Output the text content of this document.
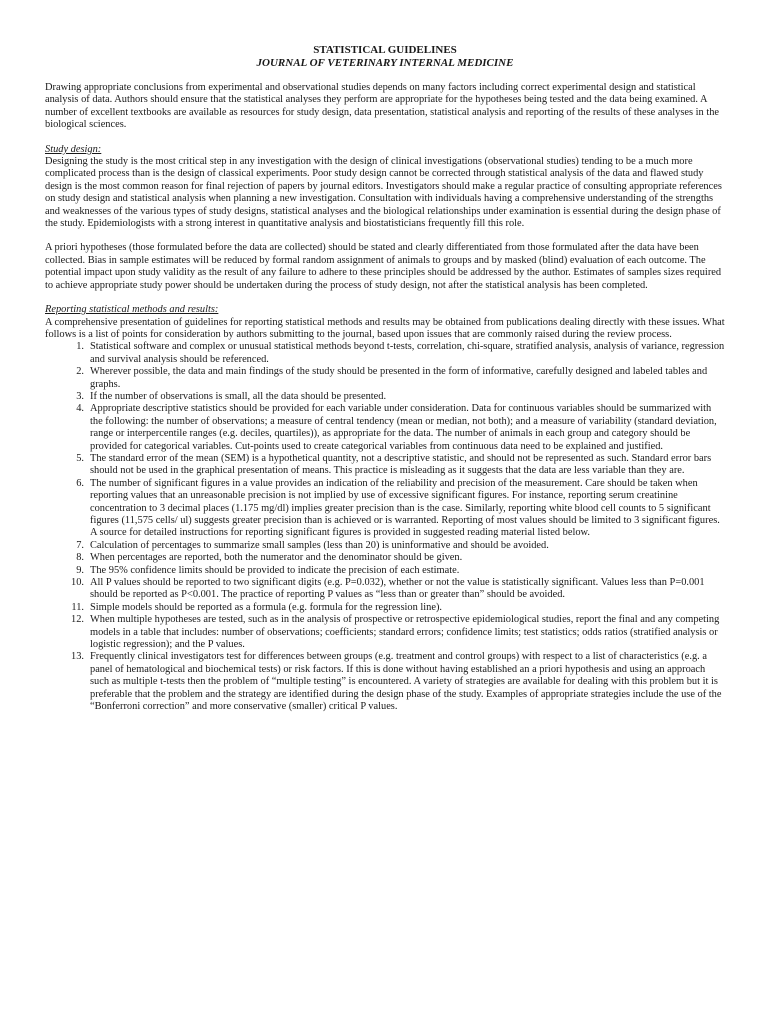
STATISTICAL GUIDELINES
JOURNAL OF VETERINARY INTERNAL MEDICINE

Drawing appropriate conclusions from experimental and observational studies depends on many factors including correct experimental design and statistical analysis of data. Authors should ensure that the statistical analyses they perform are appropriate for the hypotheses being tested and the data being examined. A number of excellent textbooks are available as resources for study design, data presentation, statistical analysis and reporting of the results of these analyses in the biological sciences.

Study design:

Designing the study is the most critical step in any investigation with the design of clinical investigations (observational studies) tending to be a much more complicated process than is the design of classical experiments. Poor study design cannot be corrected through statistical analysis of the data and flawed study design is the most common reason for final rejection of papers by journal editors. Investigators should make a regular practice of consulting appropriate references on study design and statistical analysis when planning a new investigation. Consultation with individuals having a comprehensive understanding of the strengths and weaknesses of the various types of study designs, statistical analyses and the biological relationships under examination is essential during the design phase of the study. Epidemiologists with a strong interest in quantitative analysis and biostatisticians frequently fill this role.

A priori hypotheses (those formulated before the data are collected) should be stated and clearly differentiated from those formulated after the data have been collected. Bias in sample estimates will be reduced by formal random assignment of animals to groups and by masked (blind) evaluation of each outcome. The potential impact upon study validity as the result of any failure to adhere to these principles should be addressed by the author. Estimates of samples sizes required to achieve appropriate study power should be undertaken during the process of study design, not after the statistical analysis has been completed.

Reporting statistical methods and results:

A comprehensive presentation of guidelines for reporting statistical methods and results may be obtained from publications dealing directly with these issues. What follows is a list of points for consideration by authors submitting to the journal, based upon issues that are commonly raised during the review process.

1. Statistical software and complex or unusual statistical methods beyond t-tests, correlation, chi-square, stratified analysis, analysis of variance, regression and survival analysis should be referenced.
2. Wherever possible, the data and main findings of the study should be presented in the form of informative, carefully designed and labeled tables and graphs.
3. If the number of observations is small, all the data should be presented.
4. Appropriate descriptive statistics should be provided for each variable under consideration. Data for continuous variables should be summarized with the following: the number of observations; a measure of central tendency (mean or median, not both); and a measure of variability (standard deviation, range or interpercentile ranges (e.g. deciles, quartiles)), as appropriate for the data. The number of animals in each group and category should be provided for categorical variables. Cut-points used to create categorical variables from continuous data need to be explained and justified.
5. The standard error of the mean (SEM) is a hypothetical quantity, not a descriptive statistic, and should not be represented as such. Standard error bars should not be used in the graphical presentation of means. This practice is misleading as it suggests that the data are less variable than they are.
6. The number of significant figures in a value provides an indication of the reliability and precision of the measurement. Care should be taken when reporting values that an unreasonable precision is not implied by use of excessive significant figures. For instance, reporting serum creatinine concentration to 3 decimal places (1.175 mg/dl) implies greater precision than is the case. Similarly, reporting white blood cell counts to 5 significant figures (11,575 cells/ ul) suggests greater precision than is achieved or is warranted. Reporting of most values should be limited to 3 significant figures. A source for detailed instructions for reporting significant figures is provided in suggested reading material listed below.
7. Calculation of percentages to summarize small samples (less than 20) is uninformative and should be avoided.
8. When percentages are reported, both the numerator and the denominator should be given.
9. The 95% confidence limits should be provided to indicate the precision of each estimate.
10. All P values should be reported to two significant digits (e.g. P=0.032), whether or not the value is statistically significant. Values less than P=0.001 should be reported as P<0.001. The practice of reporting P values as “less than or greater than” should be avoided.
11. Simple models should be reported as a formula (e.g. formula for the regression line).
12. When multiple hypotheses are tested, such as in the analysis of prospective or retrospective epidemiological studies, report the final and any competing models in a table that includes: number of observations; coefficients; standard errors; confidence limits; test statistics; odds ratios (stratified analysis or logistic regression); and the P values.
13. Frequently clinical investigators test for differences between groups (e.g. treatment and control groups) with respect to a list of characteristics (e.g. a panel of hematological and biochemical tests) or risk factors. If this is done without having established an a priori hypothesis and using an approach such as multiple t-tests then the problem of “multiple testing” is encountered. A variety of strategies are available for dealing with this problem but it is preferable that the problem and the strategy are identified during the design phase of the study. Examples of appropriate strategies include the use of the “Bonferroni correction” and more conservative (smaller) critical P values.
